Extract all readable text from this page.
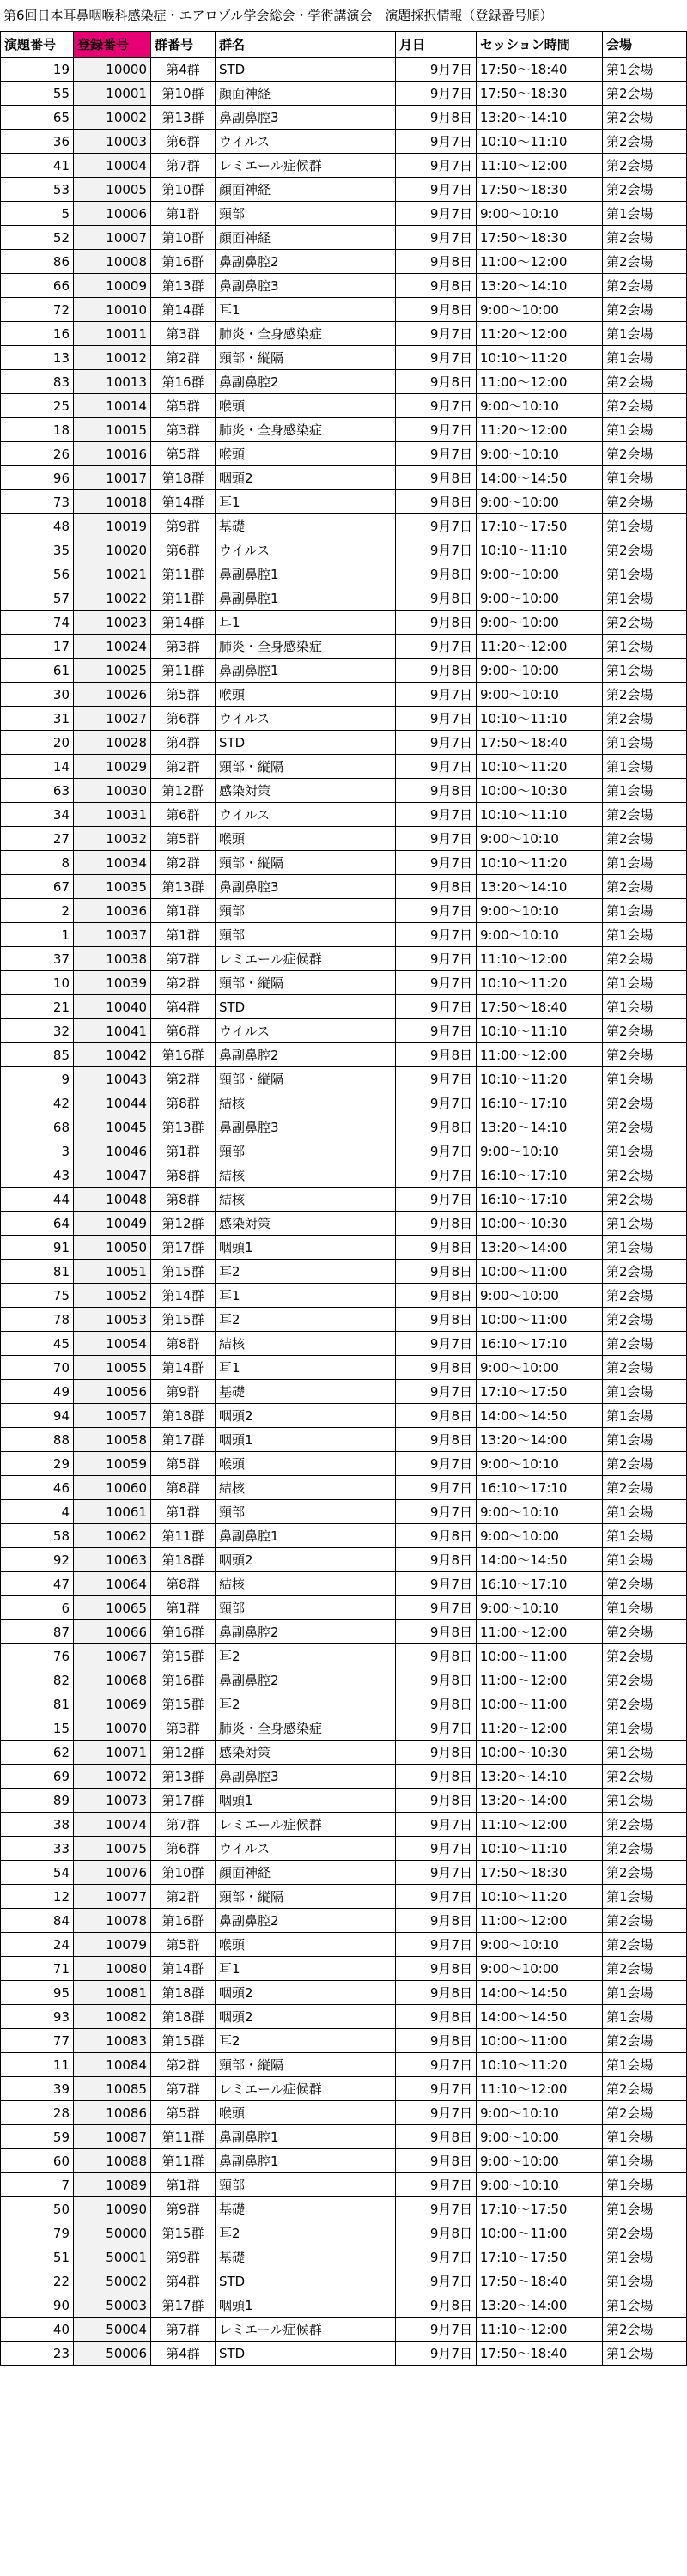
第6回日本耳鼻咽喉科感染症・エアロゾル学会総会・学術講演会　演題採択情報（登録番号順）
演題番号	登録番号	群番号	群名	月日	セッション時間	会場
19	10000	第4群	STD	9月7日	17:50～18:40	第1会場
55	10001	第10群	顔面神経	9月7日	17:50～18:30	第2会場
65	10002	第13群	鼻副鼻腔3	9月8日	13:20～14:10	第2会場
36	10003	第6群	ウイルス	9月7日	10:10～11:10	第2会場
41	10004	第7群	レミエール症候群	9月7日	11:10～12:00	第2会場
53	10005	第10群	顔面神経	9月7日	17:50～18:30	第2会場
5	10006	第1群	頸部	9月7日	9:00～10:10	第1会場
52	10007	第10群	顔面神経	9月7日	17:50～18:30	第2会場
86	10008	第16群	鼻副鼻腔2	9月8日	11:00～12:00	第2会場
66	10009	第13群	鼻副鼻腔3	9月8日	13:20～14:10	第2会場
72	10010	第14群	耳1	9月8日	9:00～10:00	第2会場
16	10011	第3群	肺炎・全身感染症	9月7日	11:20～12:00	第1会場
13	10012	第2群	頸部・縦隔	9月7日	10:10～11:20	第1会場
83	10013	第16群	鼻副鼻腔2	9月8日	11:00～12:00	第2会場
25	10014	第5群	喉頭	9月7日	9:00～10:10	第2会場
18	10015	第3群	肺炎・全身感染症	9月7日	11:20～12:00	第1会場
26	10016	第5群	喉頭	9月7日	9:00～10:10	第2会場
96	10017	第18群	咽頭2	9月8日	14:00～14:50	第1会場
73	10018	第14群	耳1	9月8日	9:00～10:00	第2会場
48	10019	第9群	基礎	9月7日	17:10～17:50	第1会場
35	10020	第6群	ウイルス	9月7日	10:10～11:10	第2会場
56	10021	第11群	鼻副鼻腔1	9月8日	9:00～10:00	第1会場
57	10022	第11群	鼻副鼻腔1	9月8日	9:00～10:00	第1会場
74	10023	第14群	耳1	9月8日	9:00～10:00	第2会場
17	10024	第3群	肺炎・全身感染症	9月7日	11:20～12:00	第1会場
61	10025	第11群	鼻副鼻腔1	9月8日	9:00～10:00	第1会場
30	10026	第5群	喉頭	9月7日	9:00～10:10	第2会場
31	10027	第6群	ウイルス	9月7日	10:10～11:10	第2会場
20	10028	第4群	STD	9月7日	17:50～18:40	第1会場
14	10029	第2群	頸部・縦隔	9月7日	10:10～11:20	第1会場
63	10030	第12群	感染対策	9月8日	10:00～10:30	第1会場
34	10031	第6群	ウイルス	9月7日	10:10～11:10	第2会場
27	10032	第5群	喉頭	9月7日	9:00～10:10	第2会場
8	10034	第2群	頸部・縦隔	9月7日	10:10～11:20	第1会場
67	10035	第13群	鼻副鼻腔3	9月8日	13:20～14:10	第2会場
2	10036	第1群	頸部	9月7日	9:00～10:10	第1会場
1	10037	第1群	頸部	9月7日	9:00～10:10	第1会場
37	10038	第7群	レミエール症候群	9月7日	11:10～12:00	第2会場
10	10039	第2群	頸部・縦隔	9月7日	10:10～11:20	第1会場
21	10040	第4群	STD	9月7日	17:50～18:40	第1会場
32	10041	第6群	ウイルス	9月7日	10:10～11:10	第2会場
85	10042	第16群	鼻副鼻腔2	9月8日	11:00～12:00	第2会場
9	10043	第2群	頸部・縦隔	9月7日	10:10～11:20	第1会場
42	10044	第8群	結核	9月7日	16:10～17:10	第2会場
68	10045	第13群	鼻副鼻腔3	9月8日	13:20～14:10	第2会場
3	10046	第1群	頸部	9月7日	9:00～10:10	第1会場
43	10047	第8群	結核	9月7日	16:10～17:10	第2会場
44	10048	第8群	結核	9月7日	16:10～17:10	第2会場
64	10049	第12群	感染対策	9月8日	10:00～10:30	第1会場
91	10050	第17群	咽頭1	9月8日	13:20～14:00	第1会場
81	10051	第15群	耳2	9月8日	10:00～11:00	第2会場
75	10052	第14群	耳1	9月8日	9:00～10:00	第2会場
78	10053	第15群	耳2	9月8日	10:00～11:00	第2会場
45	10054	第8群	結核	9月7日	16:10～17:10	第2会場
70	10055	第14群	耳1	9月8日	9:00～10:00	第2会場
49	10056	第9群	基礎	9月7日	17:10～17:50	第1会場
94	10057	第18群	咽頭2	9月8日	14:00～14:50	第1会場
88	10058	第17群	咽頭1	9月8日	13:20～14:00	第1会場
29	10059	第5群	喉頭	9月7日	9:00～10:10	第2会場
46	10060	第8群	結核	9月7日	16:10～17:10	第2会場
4	10061	第1群	頸部	9月7日	9:00～10:10	第1会場
58	10062	第11群	鼻副鼻腔1	9月8日	9:00～10:00	第1会場
92	10063	第18群	咽頭2	9月8日	14:00～14:50	第1会場
47	10064	第8群	結核	9月7日	16:10～17:10	第2会場
6	10065	第1群	頸部	9月7日	9:00～10:10	第1会場
87	10066	第16群	鼻副鼻腔2	9月8日	11:00～12:00	第2会場
76	10067	第15群	耳2	9月8日	10:00～11:00	第2会場
82	10068	第16群	鼻副鼻腔2	9月8日	11:00～12:00	第2会場
81	10069	第15群	耳2	9月8日	10:00～11:00	第2会場
15	10070	第3群	肺炎・全身感染症	9月7日	11:20～12:00	第1会場
62	10071	第12群	感染対策	9月8日	10:00～10:30	第1会場
69	10072	第13群	鼻副鼻腔3	9月8日	13:20～14:10	第2会場
89	10073	第17群	咽頭1	9月8日	13:20～14:00	第1会場
38	10074	第7群	レミエール症候群	9月7日	11:10～12:00	第2会場
33	10075	第6群	ウイルス	9月7日	10:10～11:10	第2会場
54	10076	第10群	顔面神経	9月7日	17:50～18:30	第2会場
12	10077	第2群	頸部・縦隔	9月7日	10:10～11:20	第1会場
84	10078	第16群	鼻副鼻腔2	9月8日	11:00～12:00	第2会場
24	10079	第5群	喉頭	9月7日	9:00～10:10	第2会場
71	10080	第14群	耳1	9月8日	9:00～10:00	第2会場
95	10081	第18群	咽頭2	9月8日	14:00～14:50	第1会場
93	10082	第18群	咽頭2	9月8日	14:00～14:50	第1会場
77	10083	第15群	耳2	9月8日	10:00～11:00	第2会場
11	10084	第2群	頸部・縦隔	9月7日	10:10～11:20	第1会場
39	10085	第7群	レミエール症候群	9月7日	11:10～12:00	第2会場
28	10086	第5群	喉頭	9月7日	9:00～10:10	第2会場
59	10087	第11群	鼻副鼻腔1	9月8日	9:00～10:00	第1会場
60	10088	第11群	鼻副鼻腔1	9月8日	9:00～10:00	第1会場
7	10089	第1群	頸部	9月7日	9:00～10:10	第1会場
50	10090	第9群	基礎	9月7日	17:10～17:50	第1会場
79	50000	第15群	耳2	9月8日	10:00～11:00	第2会場
51	50001	第9群	基礎	9月7日	17:10～17:50	第1会場
22	50002	第4群	STD	9月7日	17:50～18:40	第1会場
90	50003	第17群	咽頭1	9月8日	13:20～14:00	第1会場
40	50004	第7群	レミエール症候群	9月7日	11:10～12:00	第2会場
23	50006	第4群	STD	9月7日	17:50～18:40	第1会場
